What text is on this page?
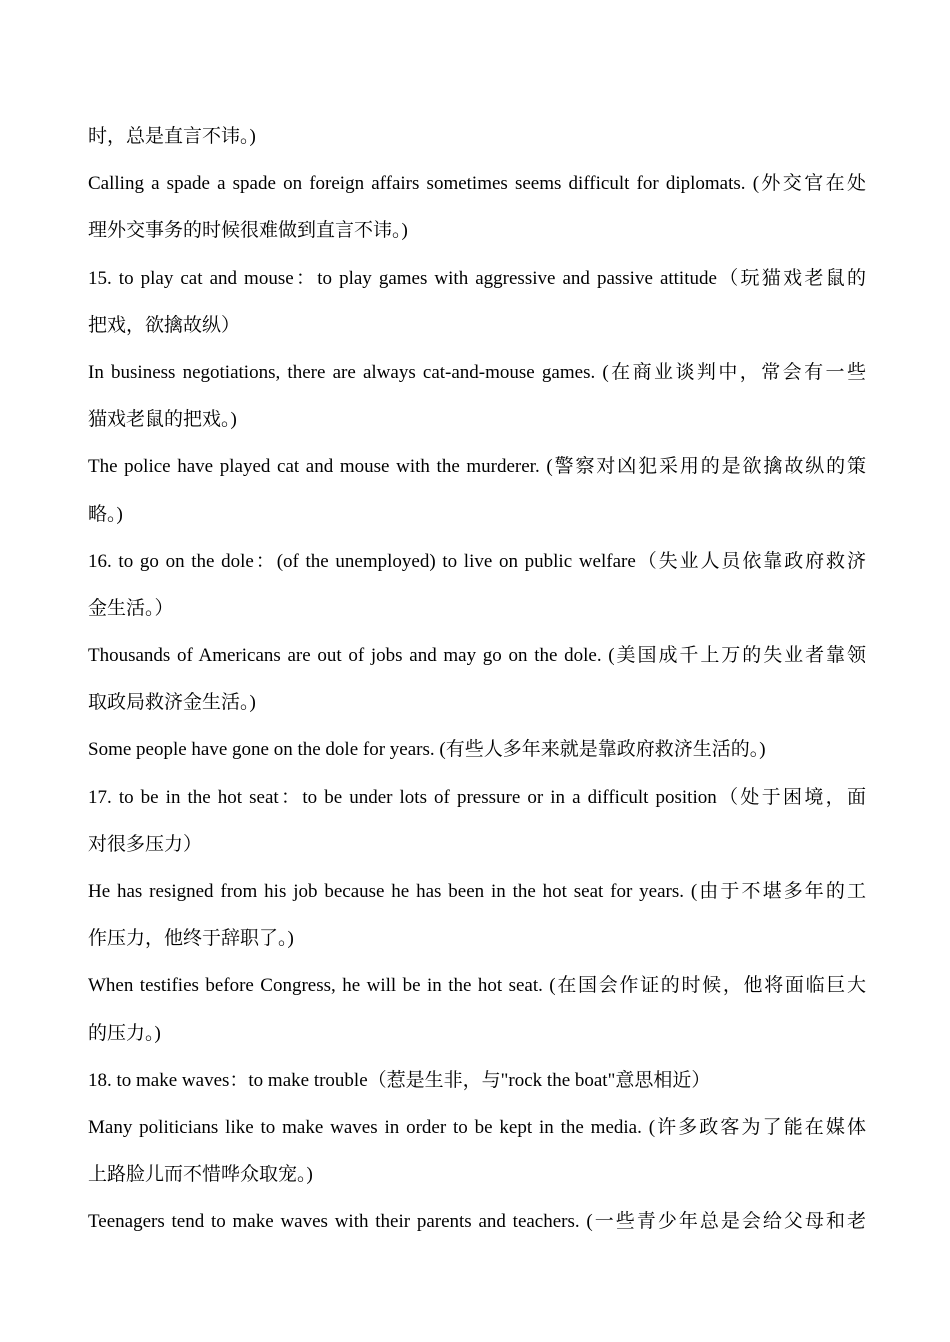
时，总是直言不讳。)
Calling a spade a spade on foreign affairs sometimes seems difficult for diplomats. (外交官在处
理外交事务的时候很难做到直言不讳。)
15. to play cat and mouse：to play games with aggressive and passive attitude（玩猫戏老鼠的
把戏，欲擒故纵）
In business negotiations, there are always cat-and-mouse games. (在商业谈判中，常会有一些
猫戏老鼠的把戏。)
The police have played cat and mouse with the murderer. (警察对凶犯采用的是欲擒故纵的策
略。)
16. to go on the dole：(of the unemployed) to live on public welfare（失业人员依靠政府救济
金生活。）
Thousands of Americans are out of jobs and may go on the dole. (美国成千上万的失业者靠领
取政局救济金生活。)
Some people have gone on the dole for years. (有些人多年来就是靠政府救济生活的。)
17. to be in the hot seat：to be under lots of pressure or in a difficult position（处于困境，面
对很多压力）
He has resigned from his job because he has been in the hot seat for years. (由于不堪多年的工
作压力，他终于辞职了。)
When testifies before Congress, he will be in the hot seat. (在国会作证的时候，他将面临巨大
的压力。)
18. to make waves：to make trouble（惹是生非，与"rock the boat"意思相近）
Many politicians like to make waves in order to be kept in the media. (许多政客为了能在媒体
上路脸儿而不惜哗众取宠。)
Teenagers tend to make waves with their parents and teachers. (一些青少年总是会给父母和老
